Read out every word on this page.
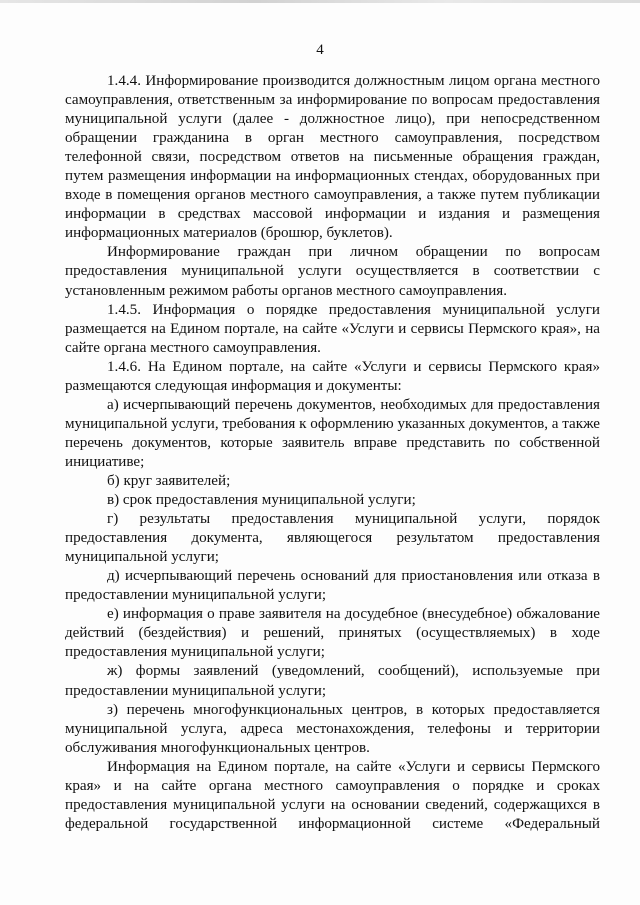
4

1.4.4. Информирование производится должностным лицом органа местного самоуправления, ответственным за информирование по вопросам предоставления муниципальной услуги (далее - должностное лицо), при непосредственном обращении гражданина в орган местного самоуправления, посредством телефонной связи, посредством ответов на письменные обращения граждан, путем размещения информации на информационных стендах, оборудованных при входе в помещения органов местного самоуправления, а также путем публикации информации в средствах массовой информации и издания и размещения информационных материалов (брошюр, буклетов).

Информирование граждан при личном обращении по вопросам предоставления муниципальной услуги осуществляется в соответствии с установленным режимом работы органов местного самоуправления.

1.4.5. Информация о порядке предоставления муниципальной услуги размещается на Едином портале, на сайте «Услуги и сервисы Пермского края», на сайте органа местного самоуправления.

1.4.6. На Едином портале, на сайте «Услуги и сервисы Пермского края» размещаются следующая информация и документы:

а) исчерпывающий перечень документов, необходимых для предоставления муниципальной услуги, требования к оформлению указанных документов, а также перечень документов, которые заявитель вправе представить по собственной инициативе;

б) круг заявителей;

в) срок предоставления муниципальной услуги;

г) результаты предоставления муниципальной услуги, порядок предоставления документа, являющегося результатом предоставления муниципальной услуги;

д) исчерпывающий перечень оснований для приостановления или отказа в предоставлении муниципальной услуги;

е) информация о праве заявителя на досудебное (внесудебное) обжалование действий (бездействия) и решений, принятых (осуществляемых) в ходе предоставления муниципальной услуги;

ж) формы заявлений (уведомлений, сообщений), используемые при предоставлении муниципальной услуги;

з) перечень многофункциональных центров, в которых предоставляется муниципальной услуга, адреса местонахождения, телефоны и территории обслуживания многофункциональных центров.

Информация на Едином портале, на сайте «Услуги и сервисы Пермского края» и на сайте органа местного самоуправления о порядке и сроках предоставления муниципальной услуги на основании сведений, содержащихся в федеральной государственной информационной системе «Федеральный
